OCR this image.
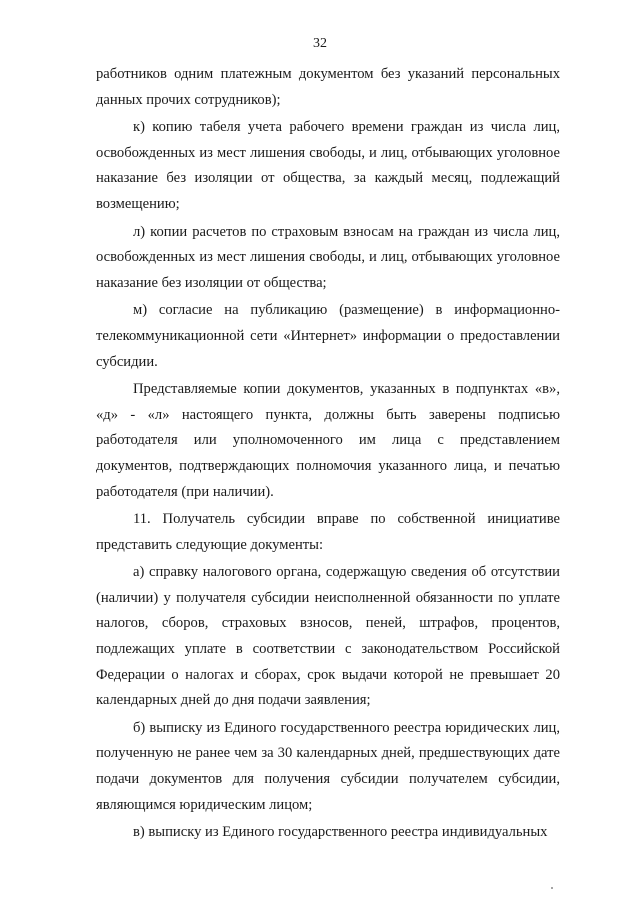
32
работников одним платежным документом без указаний персональных
данных прочих сотрудников);
к) копию табеля учета рабочего времени граждан из числа лиц,
освобожденных из мест лишения свободы, и лиц, отбывающих уголовное
наказание без изоляции от общества, за каждый месяц, подлежащий
возмещению;
л) копии расчетов по страховым взносам на граждан из числа лиц,
освобожденных из мест лишения свободы, и лиц, отбывающих уголовное
наказание без изоляции от общества;
м) согласие на публикацию (размещение) в информационно-
телекоммуникационной сети «Интернет» информации о предоставлении
субсидии.
Представляемые копии документов, указанных в подпунктах «в»,
«д» - «л» настоящего пункта, должны быть заверены подписью
работодателя или уполномоченного им лица с представлением
документов, подтверждающих полномочия указанного лица, и печатью
работодателя (при наличии).
11. Получатель субсидии вправе по собственной инициативе
представить следующие документы:
а) справку налогового органа, содержащую сведения об отсутствии
(наличии) у получателя субсидии неисполненной обязанности по уплате
налогов, сборов, страховых взносов, пеней, штрафов, процентов,
подлежащих уплате в соответствии с законодательством Российской
Федерации о налогах и сборах, срок выдачи которой не превышает 20
календарных дней до дня подачи заявления;
б) выписку из Единого государственного реестра юридических лиц,
полученную не ранее чем за 30 календарных дней, предшествующих дате
подачи документов для получения субсидии получателем субсидии,
являющимся юридическим лицом;
в) выписку из Единого государственного реестра индивидуальных
